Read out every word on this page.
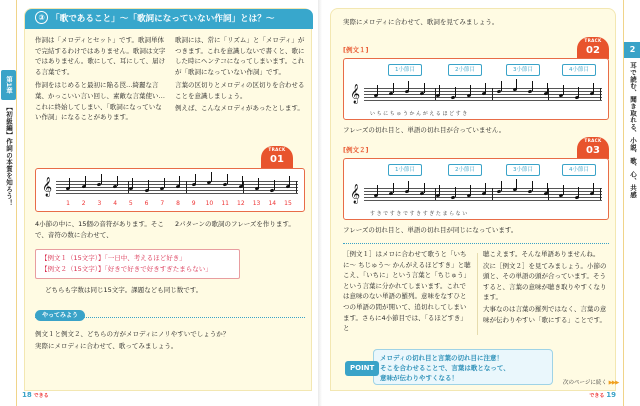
第1章
【初級編】作詞の本質を知ろう！
③ 「歌であること」〜「歌詞になっていない作詞」とは？〜

作詞は「メロディとセット」です。歌詞単体で完結するわけではありません。歌詞は文字ではありません。歌にして、耳にして、届ける言葉です。

作詞をはじめると最初に陥る罠…綺麗な言葉、かっこいい言い回し、素敵な言葉使い…これに終始してしまい、「歌詞になっていない作詞」になることがあります。

歌詞には、常に「リズム」と「メロディ」がつきます。これを意識しないで書くと、歌にした時にヘンテコになってしまいます。これが「歌詞になっていない作詞」です。

言葉の区切りとメロディの区切りを合わせることを意識しましょう。

例えば、こんなメロディがあったとします。

TRACK
01
𝄞
1	2	3	4	5	6	7	8	9	10 11 12 13 14 15
4小節の中に、15個の音符があります。そこで、音符の数に合わせて、
2パターンの歌詞のフレーズを作ります。
【例文１（15文字）】「一日中、考えるほど好き」
【例文２（15文字）】「好きで好きで好きすぎたまらない」
どちらも字数は同じ15文字。課題なども同じ数です。
やってみよう

例文１と例文２、どちらの方がメロディにノリやすいでしょうか？

実際にメロディに合わせて、歌ってみましょう。

18 できる
2
耳で読む、聞き取れる、小説、歌、心、共感
実際にメロディに合わせて、歌詞を見てみましょう。
[例文１]
TRACK
02
1小節目	2小節目	3小節目	4小節目
𝄞
い ち に ち ゅ う か ん が え る ほ ど す き
フレーズの切れ目と、単語の切れ目が合っていません。
[例文２]
TRACK
03
1小節目	2小節目	3小節目	4小節目
𝄞
す き で す き で す き す ぎ た ま ら な い
フレーズの切れ目と、単語の切れ目が同じになっています。

［例文１］はメロに合わせて歌うと「いちに〜 ちじゅう〜 かんがえるほどすき」と聴こえ、「いちに」という言葉と「ちじゅう」という言葉に分かれてしまいます。これでは意味のない単語の羅列。意味をなすひとつの単語の間が開いて、追切れしてしまいます。さらに4小節目では、「るほどすき」と

聴こえます。そんな単語ありませんね。

次に［例文２］を見てみましょう。小節の頭と、その単語の頭が合っています。そうすると、言葉の意味が聴き取りやすくなります。

大事なのは言葉の羅列ではなく、言葉の意味が伝わりやすい「歌にする」ことです。

メロディの切れ目と言葉の切れ目に注意！
そこを合わせることで、言葉は歌となって、
意味が伝わりやすくなる！
POINT
次のページに続く ▶▶▶
できる 19
